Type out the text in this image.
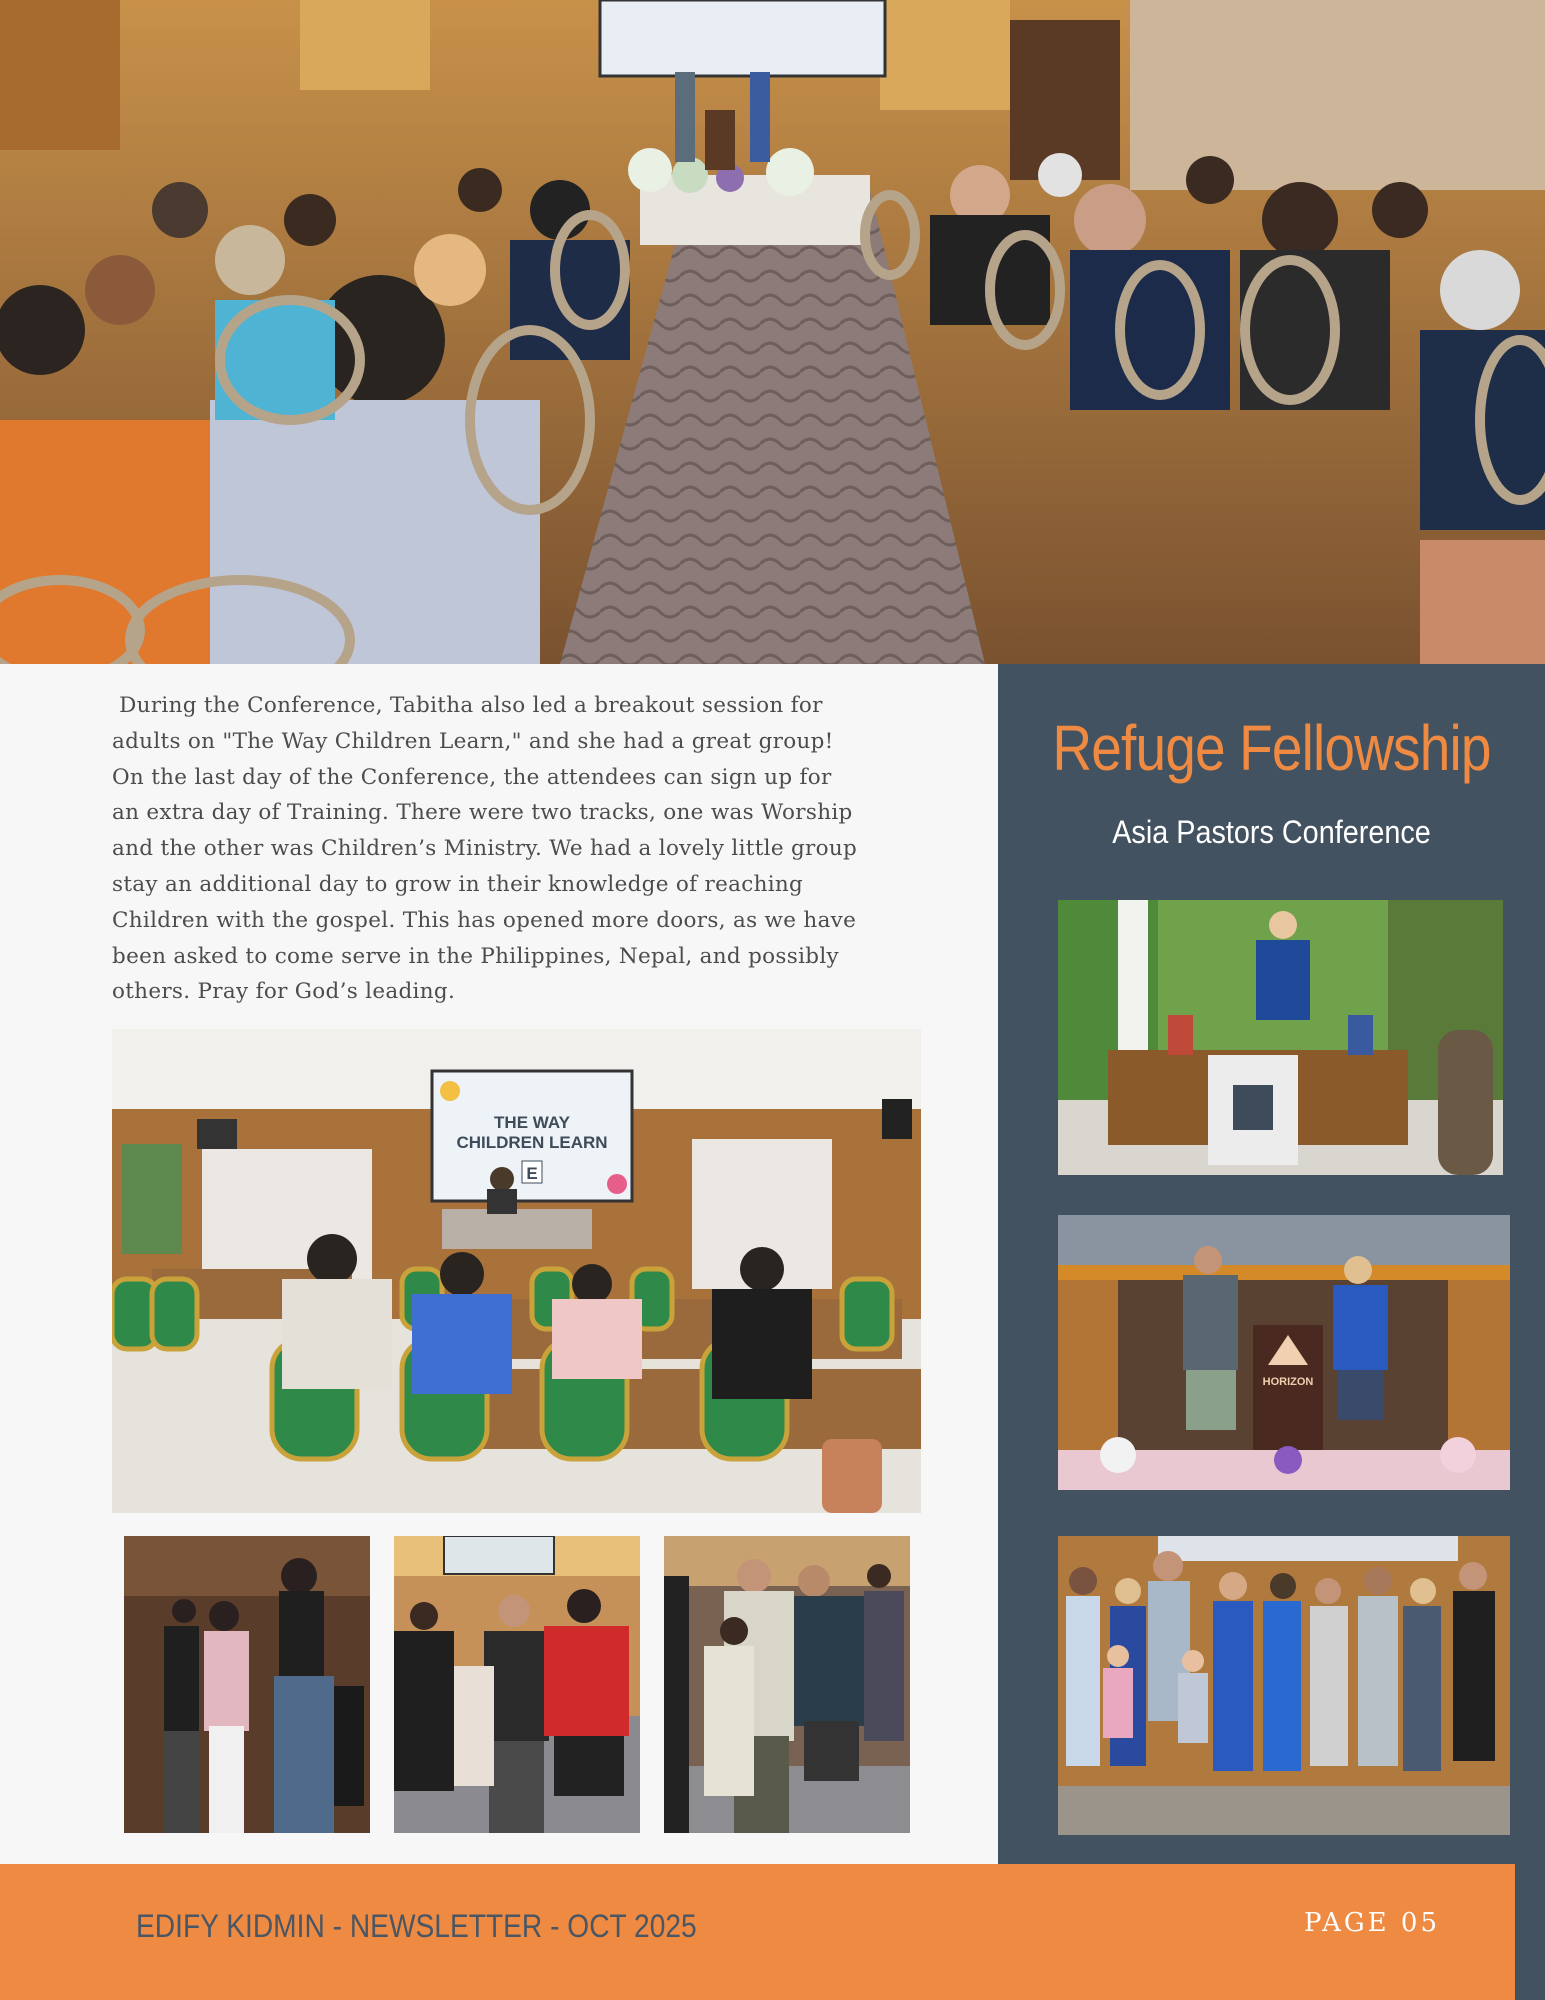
During the Conference, Tabitha also led a breakout session for
adults on "The Way Children Learn," and she had a great group!
On the last day of the Conference, the attendees can sign up for
an extra day of Training. There were two tracks, one was Worship
and the other was Children’s Ministry. We had a lovely little group
stay an additional day to grow in their knowledge of reaching
Children with the gospel. This has opened more doors, as we have
been asked to come serve in the Philippines, Nepal, and possibly
others. Pray for God’s leading.

THE WAY
CHILDREN LEARN
E
Refuge Fellowship
Asia Pastors Conference
HORIZON
EDIFY KIDMIN - NEWSLETTER - OCT 2025	PAGE 05
